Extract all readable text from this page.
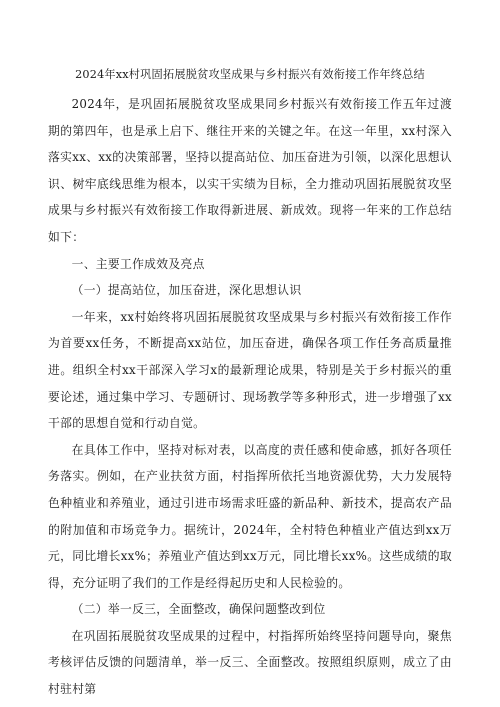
2024年xx村巩固拓展脱贫攻坚成果与乡村振兴有效衔接工作年终总结

2024年，是巩固拓展脱贫攻坚成果同乡村振兴有效衔接工作五年过渡期的第四年，也是承上启下、继往开来的关键之年。在这一年里，xx村深入落实xx、xx的决策部署，坚持以提高站位、加压奋进为引领，以深化思想认识、树牢底线思维为根本，以实干实绩为目标，全力推动巩固拓展脱贫攻坚成果与乡村振兴有效衔接工作取得新进展、新成效。现将一年来的工作总结如下：

一、主要工作成效及亮点

（一）提高站位，加压奋进，深化思想认识

一年来，xx村始终将巩固拓展脱贫攻坚成果与乡村振兴有效衔接工作作为首要xx任务，不断提高xx站位，加压奋进，确保各项工作任务高质量推进。组织全村xx干部深入学习x的最新理论成果，特别是关于乡村振兴的重要论述，通过集中学习、专题研讨、现场教学等多种形式，进一步增强了xx干部的思想自觉和行动自觉。

在具体工作中，坚持对标对表，以高度的责任感和使命感，抓好各项任务落实。例如，在产业扶贫方面，村指挥所依托当地资源优势，大力发展特色种植业和养殖业，通过引进市场需求旺盛的新品种、新技术，提高农产品的附加值和市场竞争力。据统计，2024年，全村特色种植业产值达到xx万元，同比增长xx%；养殖业产值达到xx万元，同比增长xx%。这些成绩的取得，充分证明了我们的工作是经得起历史和人民检验的。

（二）举一反三，全面整改，确保问题整改到位

在巩固拓展脱贫攻坚成果的过程中，村指挥所始终坚持问题导向，聚焦考核评估反馈的问题清单，举一反三、全面整改。按照组织原则，成立了由村驻村第
